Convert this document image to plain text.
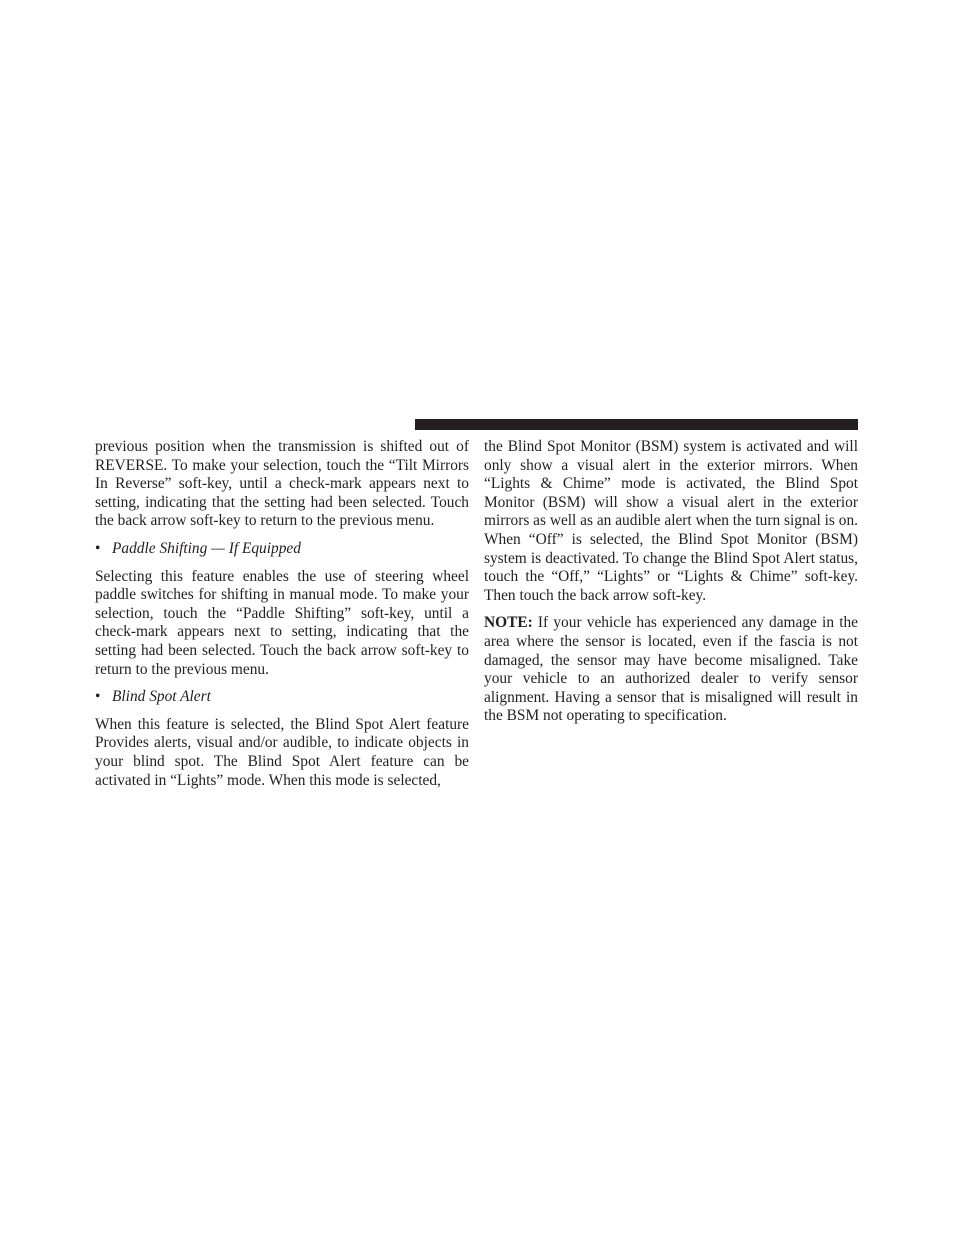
previous position when the transmission is shifted out of REVERSE. To make your selection, touch the “Tilt Mirrors In Reverse” soft-key, until a check-mark appears next to setting, indicating that the setting had been selected. Touch the back arrow soft-key to return to the previous menu.

• Paddle Shifting — If Equipped

Selecting this feature enables the use of steering wheel paddle switches for shifting in manual mode. To make your selection, touch the “Paddle Shifting” soft-key, until a check-mark appears next to setting, indicating that the setting had been selected. Touch the back arrow soft-key to return to the previous menu.

• Blind Spot Alert

When this feature is selected, the Blind Spot Alert feature Provides alerts, visual and/or audible, to indicate objects in your blind spot. The Blind Spot Alert feature can be activated in “Lights” mode. When this mode is selected,

the Blind Spot Monitor (BSM) system is activated and will only show a visual alert in the exterior mirrors. When “Lights & Chime” mode is activated, the Blind Spot Monitor (BSM) will show a visual alert in the exterior mirrors as well as an audible alert when the turn signal is on. When “Off” is selected, the Blind Spot Monitor (BSM) system is deactivated. To change the Blind Spot Alert status, touch the “Off,” “Lights” or “Lights & Chime” soft-key. Then touch the back arrow soft-key.

NOTE: If your vehicle has experienced any damage in the area where the sensor is located, even if the fascia is not damaged, the sensor may have become misaligned. Take your vehicle to an authorized dealer to verify sensor alignment. Having a sensor that is misaligned will result in the BSM not operating to specification.
